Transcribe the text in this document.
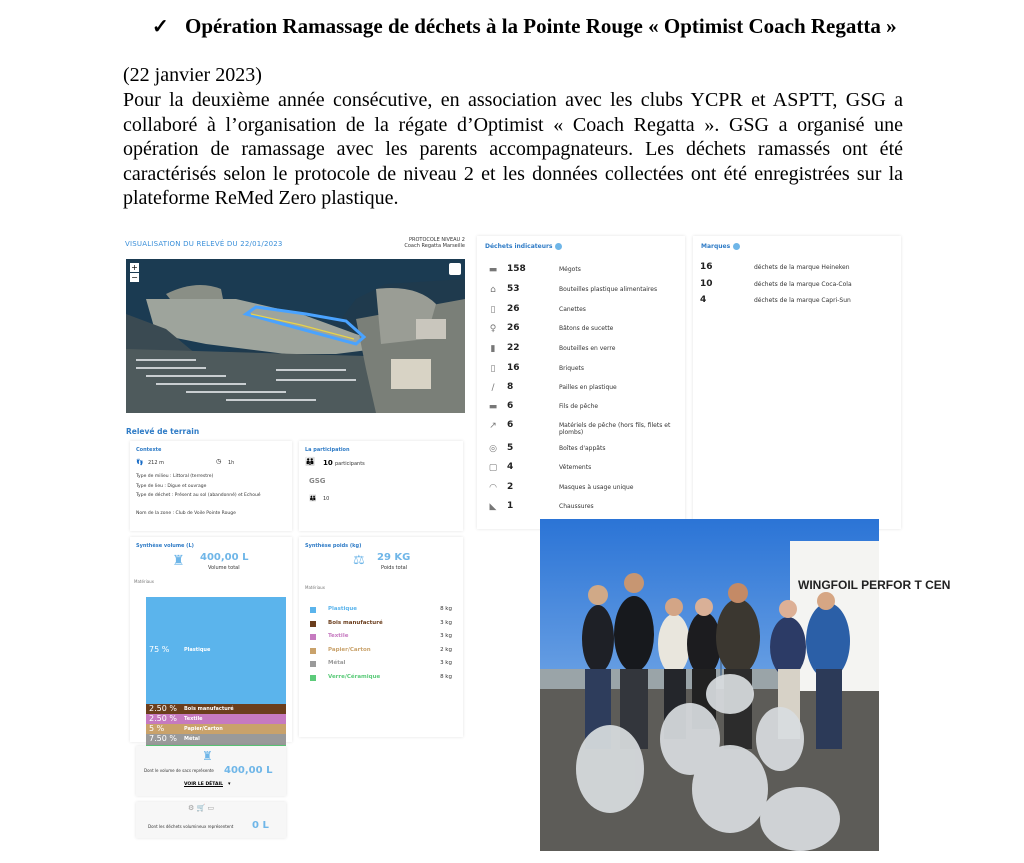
✓ Opération Ramassage de déchets à la Pointe Rouge « Optimist Coach Regatta »
(22 janvier 2023)
Pour la deuxième année consécutive, en association avec les clubs YCPR et ASPTT, GSG a collaboré à l’organisation de la régate d’Optimist « Coach Regatta ». GSG a organisé une opération de ramassage avec les parents accompagnateurs. Les déchets ramassés ont été caractérisés selon le protocole de niveau 2 et les données collectées ont été enregistrées sur la plateforme ReMed Zero plastique.
VISUALISATION DU RELEVÉ DU 22/01/2023	PROTOCOLE NIVEAU 2
Coach Regatta Marseille
+
−
Relevé de terrain
Contexte
👣 212 m	◷ 1h
Type de milieu : Littoral (terrestre)
Type de lieu : Digue et ouvrage
Type de déchet : Présent au sol (abandonné) et Echoué
Nom de la zone : Club de Voile Pointe Rouge
La participation
👪 10 participants
GSG
👪 10
Synthèse volume (L)
♜ 400,00 L
Volume total
Matériaux
75 %	Plastique
2.50 % Bois manufacturé
2.50 % Textile
5 %	Papier/Carton
7.50 % Métal
♜
Dont le volume de sacs représente 400,00 L
VOIR LE DÉTAIL ▾
⚙ 🛒 ▭
Dont les déchets volumineux représentent 0 L
Synthèse poids (kg)
⚖ 29 KG
Poids total
Matériaux
Plastique	8 kg
Bois manufacturé	3 kg
Textile	3 kg
Papier/Carton	2 kg
Métal	3 kg
Verre/Céramique	8 kg
Déchets indicateurs
▬ 158	Mégots
⌂	53	Bouteilles plastique alimentaires
▯	26	Canettes
♀	26	Bâtons de sucette
▮	22	Bouteilles en verre
▯	16	Briquets
∕	8	Pailles en plastique
▬ 6	Fils de pêche
↗ 6	Matériels de pêche (hors fils, filets et plombs)
◎ 5	Boîtes d'appâts
▢ 4	Vêtements
◠ 2	Masques à usage unique
◣ 1	Chaussures
Marques
16	déchets de la marque Heineken
10	déchets de la marque Coca-Cola
4	déchets de la marque Capri-Sun
WINGFOIL PERFOR T CEN
